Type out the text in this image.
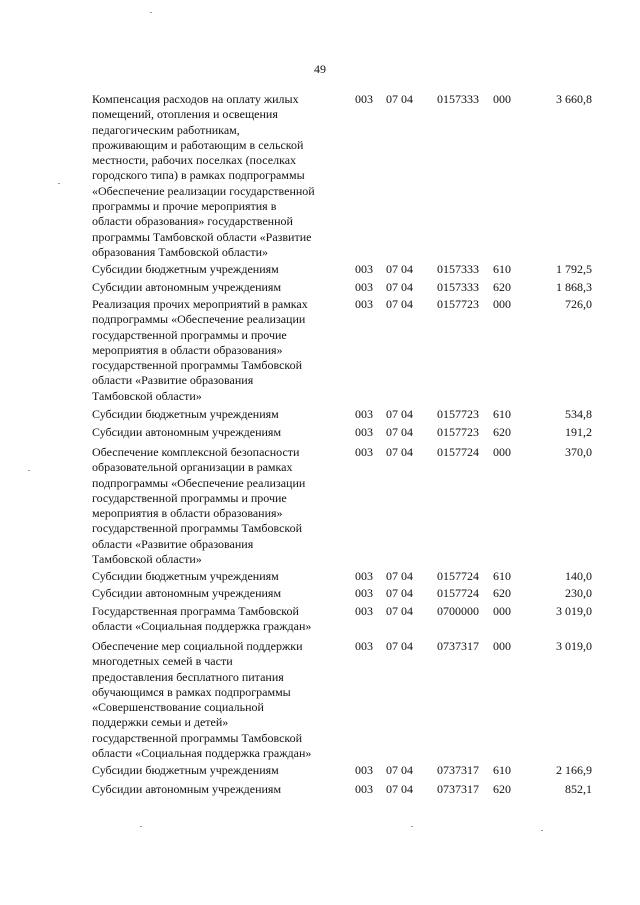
49
Компенсация расходов на оплату жилых
помещений, отопления и освещения
педагогическим работникам,
проживающим и работающим в сельской
местности, рабочих поселках (поселках
городского типа) в рамках подпрограммы
«Обеспечение реализации государственной
программы и прочие мероприятия в
области образования» государственной
программы Тамбовской области «Развитие
образования Тамбовской области»
003 07 04 0157333 000	3 660,8
Субсидии бюджетным учреждениям	003 07 04 0157333 610	1 792,5
Субсидии автономным учреждениям	003 07 04 0157333 620	1 868,3
Реализация прочих мероприятий в рамках
подпрограммы «Обеспечение реализации
государственной программы и прочие
мероприятия в области образования»
государственной программы Тамбовской
области «Развитие образования
Тамбовской области»
003 07 04 0157723 000	726,0
Субсидии бюджетным учреждениям	003 07 04 0157723 610	534,8
Субсидии автономным учреждениям	003 07 04 0157723 620	191,2
Обеспечение комплексной безопасности
образовательной организации в рамках
подпрограммы «Обеспечение реализации
государственной программы и прочие
мероприятия в области образования»
государственной программы Тамбовской
области «Развитие образования
Тамбовской области»
003 07 04 0157724 000	370,0
Субсидии бюджетным учреждениям	003 07 04 0157724 610	140,0
Субсидии автономным учреждениям	003 07 04 0157724 620	230,0
Государственная программа Тамбовской
области «Социальная поддержка граждан»
003 07 04 0700000 000	3 019,0
Обеспечение мер социальной поддержки
многодетных семей в части
предоставления бесплатного питания
обучающимся в рамках подпрограммы
«Совершенствование социальной
поддержки семьи и детей»
государственной программы Тамбовской
области «Социальная поддержка граждан»
003 07 04 0737317 000	3 019,0
Субсидии бюджетным учреждениям	003 07 04 0737317 610	2 166,9
Субсидии автономным учреждениям	003 07 04 0737317 620	852,1
